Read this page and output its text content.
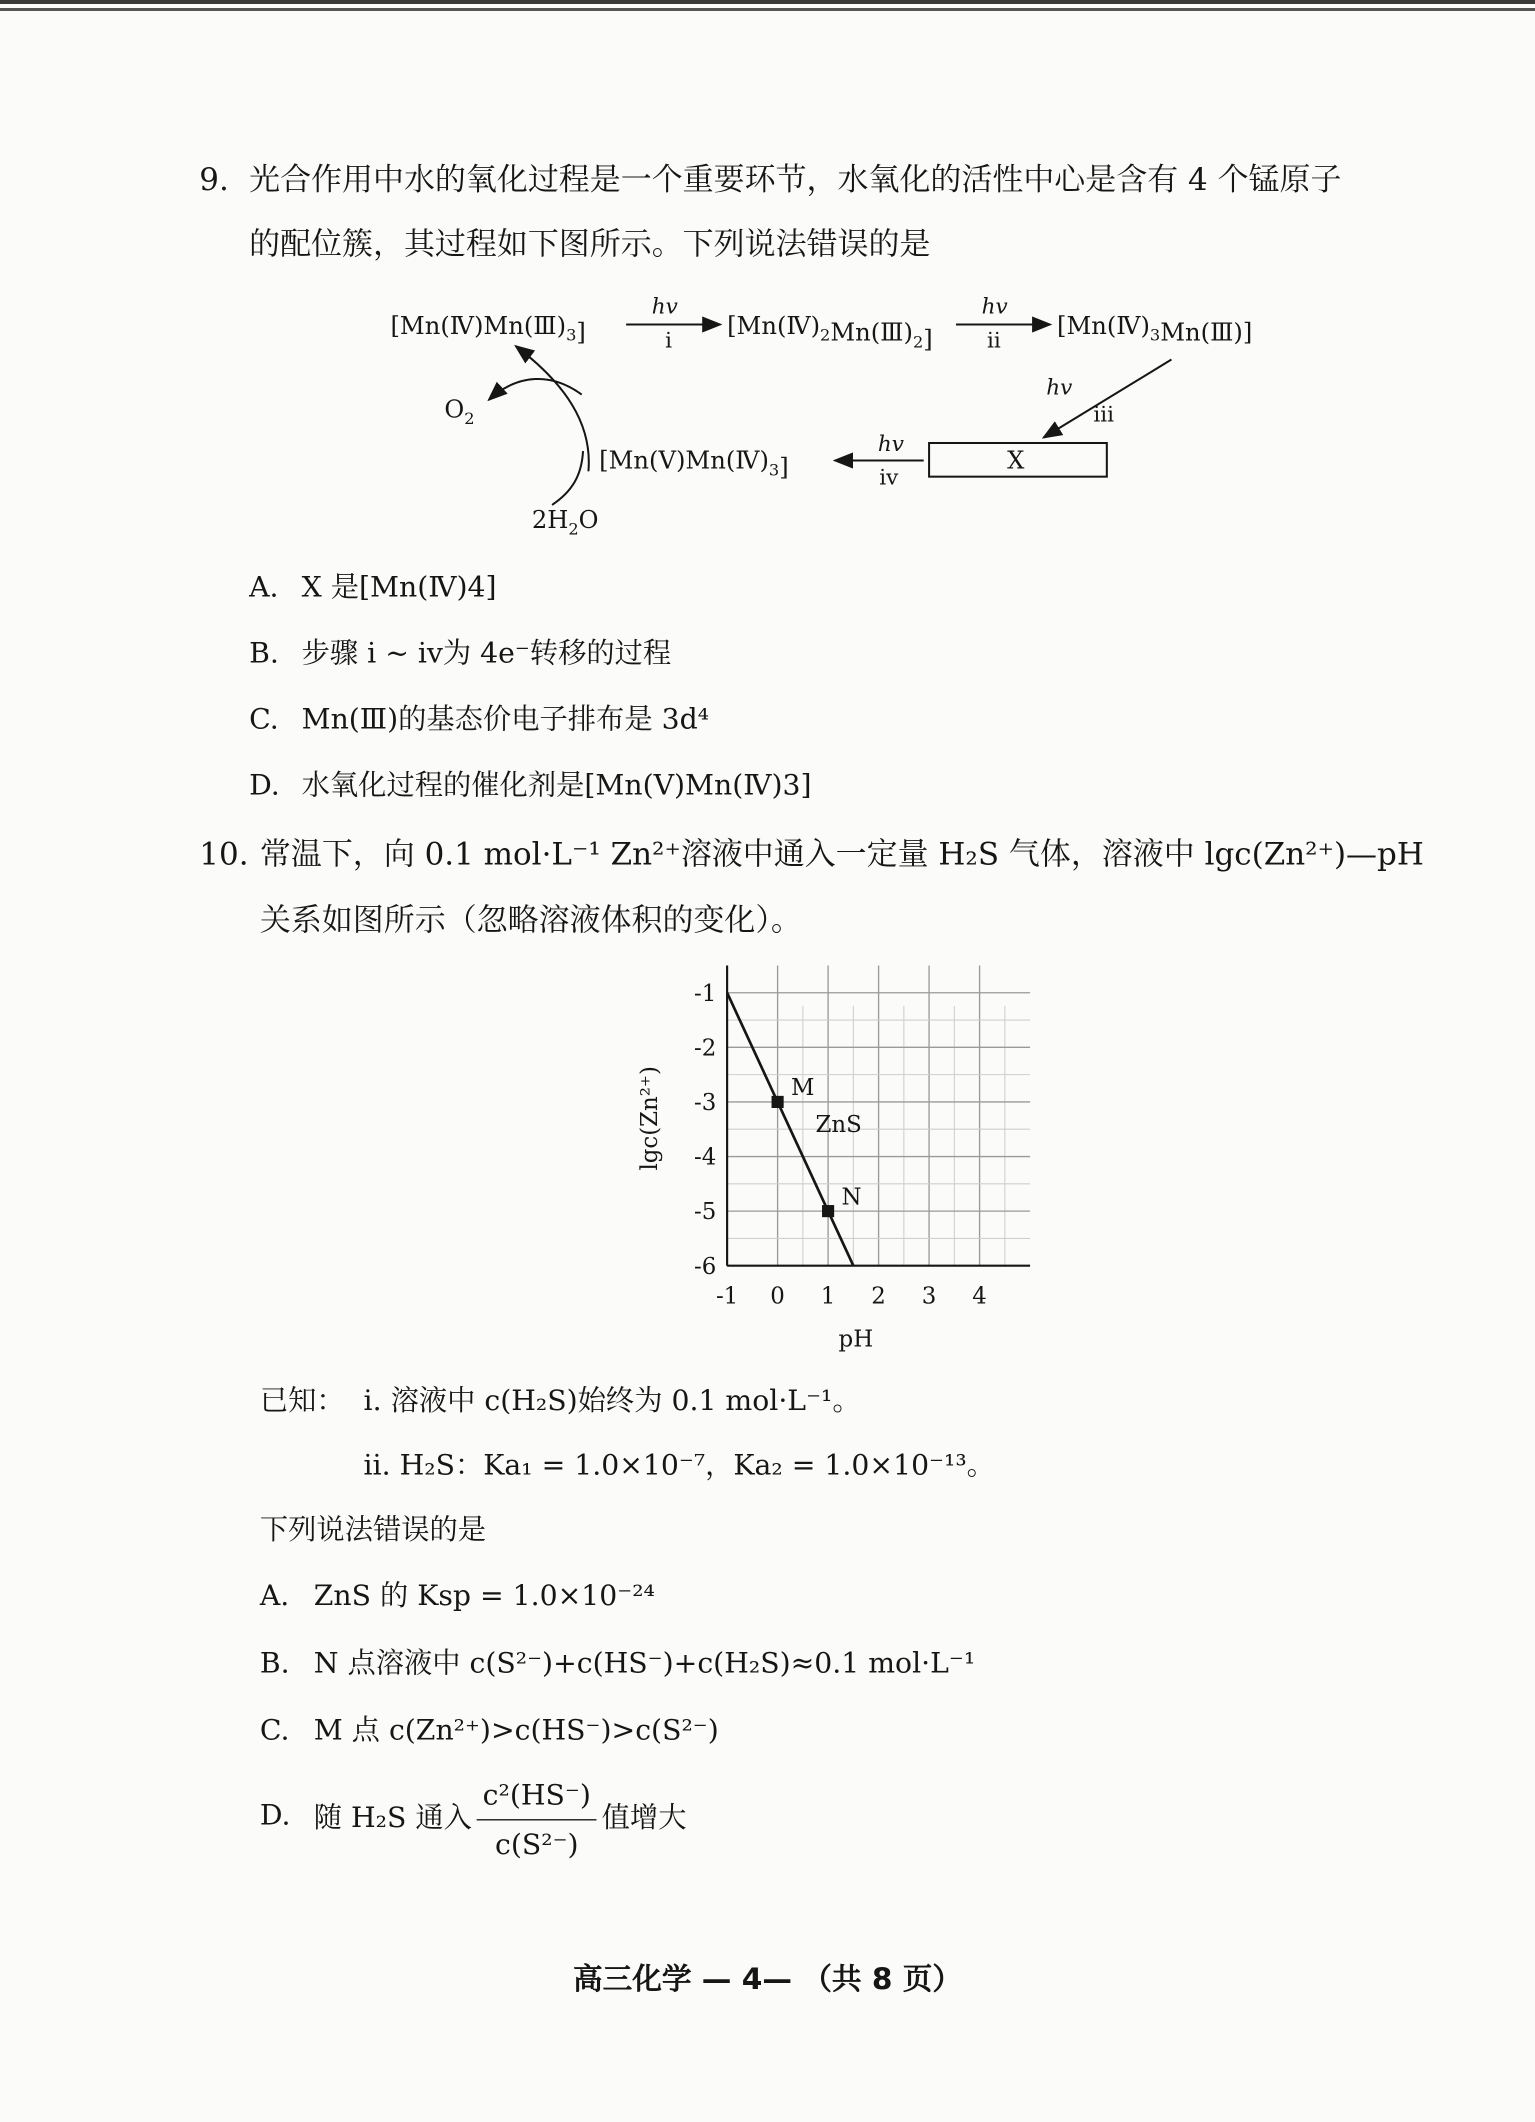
9. 光合作用中水的氧化过程是一个重要环节，水氧化的活性中心是含有 4 个锰原子
的配位簇，其过程如下图所示。下列说法错误的是
$[Mn(Ⅳ)Mn(Ⅲ)_3]$
hv
i
$[Mn(Ⅳ)_2Mn(Ⅲ)_2]$
hv
ii
$[Mn(Ⅳ)_3Mn(Ⅲ)]$
hv
iii
X
hv
iv
$[Mn(Ⅴ)Mn(Ⅳ)_3]$
$O_2$
$2H_2O$
A. X 是[Mn(Ⅳ)4]
B. 步骤 ⅰ ~ ⅳ为 4e⁻转移的过程
C. Mn(Ⅲ)的基态价电子排布是 3d⁴
D. 水氧化过程的催化剂是[Mn(Ⅴ)Mn(Ⅳ)3]
10. 常温下，向 0.1 mol·L⁻¹ Zn²⁺溶液中通入一定量 H₂S 气体，溶液中 lgc(Zn²⁺)—pH
关系如图所示（忽略溶液体积的变化）。
-1 0 1 2 3 4
-1
-2
-3
-4
-5
-6
M
N
ZnS
pH
lgc(Zn²⁺)
已知： ⅰ. 溶液中 c(H₂S)始终为 0.1 mol·L⁻¹。
ⅱ. H₂S：Ka₁ = 1.0×10⁻⁷，Ka₂ = 1.0×10⁻¹³。
下列说法错误的是
A. ZnS 的 Ksp = 1.0×10⁻²⁴
B. N 点溶液中 c(S²⁻)+c(HS⁻)+c(H₂S)≈0.1 mol·L⁻¹
C. M 点 c(Zn²⁺)>c(HS⁻)>c(S²⁻)
D. 随 H₂S 通入 $\frac{\text{c²(HS⁻)}}{\text{c(S²⁻)}}$ 值增大
高三化学 — 4— （共 8 页）
